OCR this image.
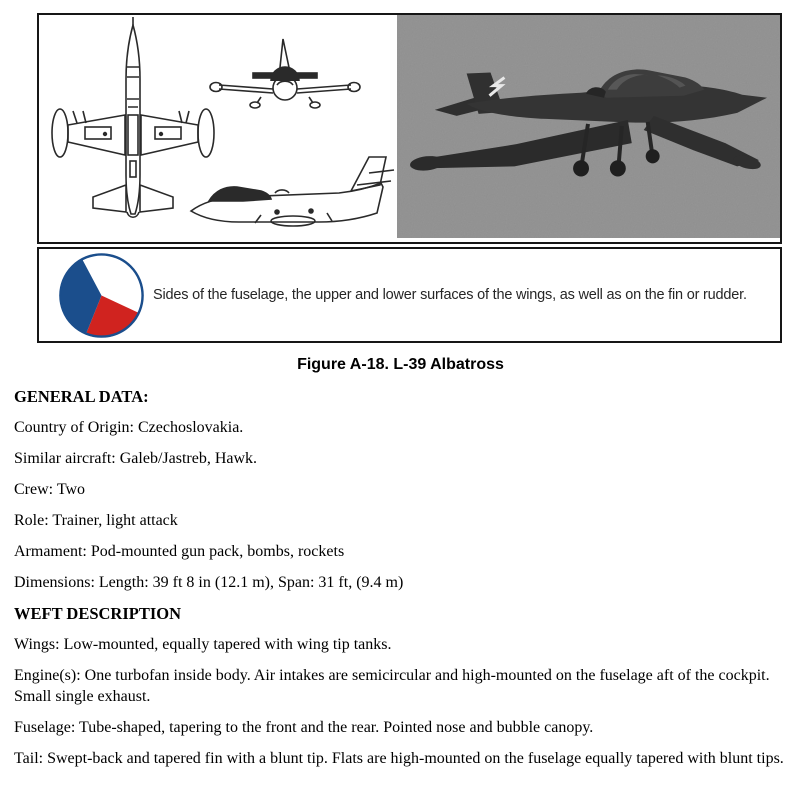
Sides of the fuselage, the upper and lower surfaces of the wings, as well as on the fin or rudder.
Figure A-18. L-39 Albatross

GENERAL DATA:

Country of Origin: Czechoslovakia.

Similar aircraft: Galeb/Jastreb, Hawk.

Crew: Two

Role: Trainer, light attack

Armament: Pod-mounted gun pack, bombs, rockets

Dimensions: Length: 39 ft 8 in (12.1 m), Span: 31 ft, (9.4 m)

WEFT DESCRIPTION

Wings: Low-mounted, equally tapered with wing tip tanks.

Engine(s): One turbofan inside body. Air intakes are semicircular and high-mounted on the fuselage aft of the cockpit. Small single exhaust.

Fuselage: Tube-shaped, tapering to the front and the rear. Pointed nose and bubble canopy.

Tail: Swept-back and tapered fin with a blunt tip. Flats are high-mounted on the fuselage equally tapered with blunt tips.
